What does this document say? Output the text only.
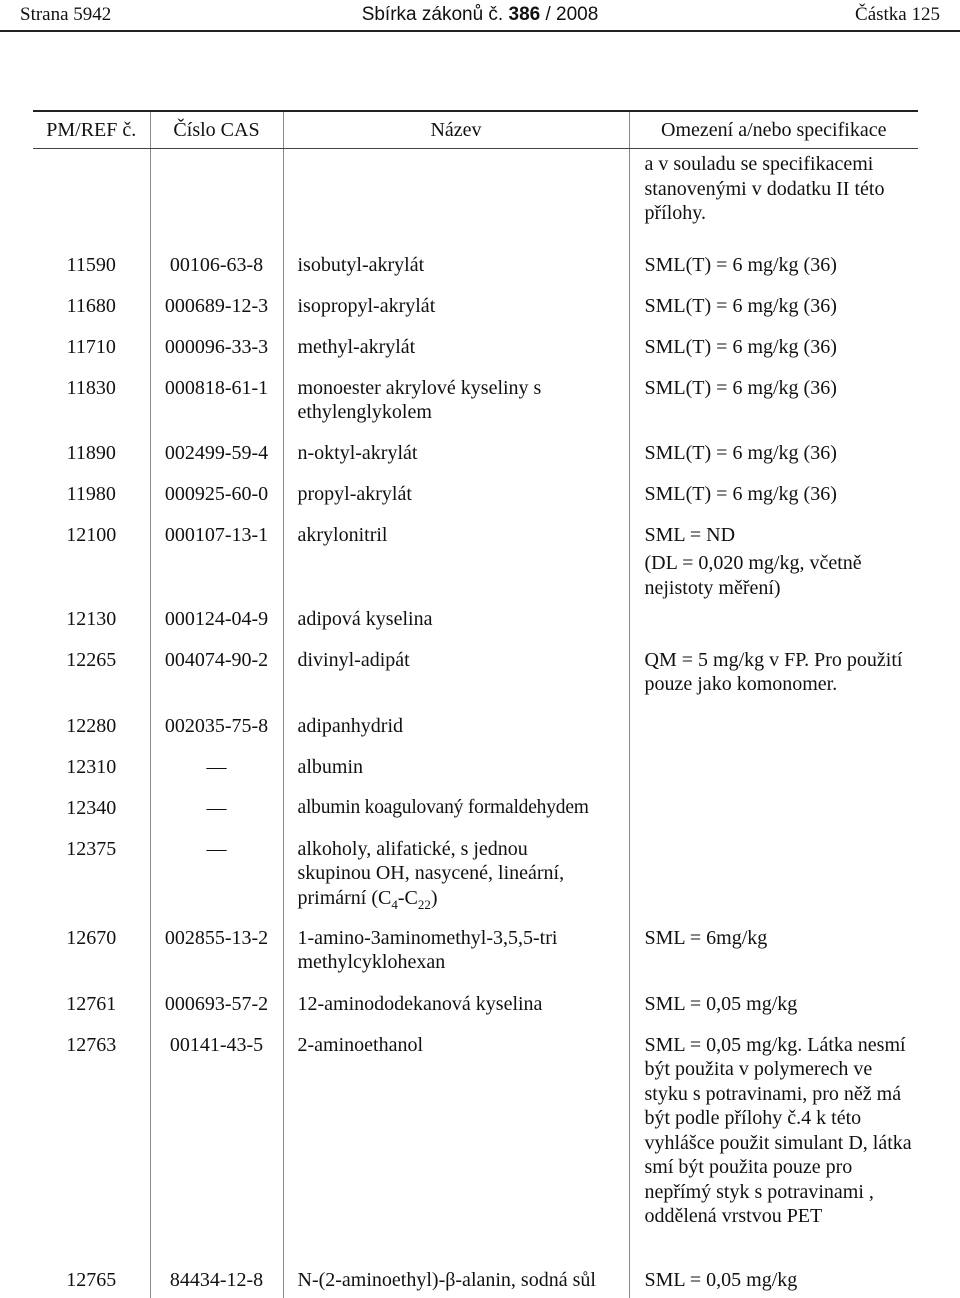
Strana 5942	Sbírka zákonů č. 386 / 2008	Částka 125
PM/REF č.	Číslo CAS	Název	Omezení a/nebo specifikace
			a v souladu se specifikacemi stanovenými v dodatku II této přílohy.
11590	00106-63-8	isobutyl-akrylát	SML(T) = 6 mg/kg (36)
11680	000689-12-3	isopropyl-akrylát	SML(T) = 6 mg/kg (36)
11710	000096-33-3	methyl-akrylát	SML(T) = 6 mg/kg (36)
11830	000818-61-1	monoester akrylové kyseliny s ethylenglykolem	SML(T) = 6 mg/kg (36)
11890	002499-59-4	n-oktyl-akrylát	SML(T) = 6 mg/kg (36)
11980	000925-60-0	propyl-akrylát	SML(T) = 6 mg/kg (36)
12100	000107-13-1	akrylonitril	SML = ND
(DL = 0,020 mg/kg, včetně nejistoty měření)

12130	000124-04-9	adipová kyselina	
12265	004074-90-2	divinyl-adipát	QM = 5 mg/kg v FP. Pro použití pouze jako komonomer.
12280	002035-75-8	adipanhydrid	
12310	—	albumin	
12340	—	albumin koagulovaný formaldehydem	
12375	—	alkoholy, alifatické, s jednou skupinou OH, nasycené, lineární, primární $(C_4-C_{22})$	
12670	002855-13-2	1-amino-3aminomethyl-3,5,5-trimethylcyklohexan	SML = 6mg/kg
12761	000693-57-2	12-aminododekanová kyselina	SML = 0,05 mg/kg
12763	00141-43-5	2-aminoethanol	SML = 0,05 mg/kg. Látka nesmí být použita v polymerech ve styku s potravinami, pro něž má být podle přílohy č.4 k této vyhlášce použit simulant D, látka smí být použita pouze pro nepřímý styk s potravinami , oddělená vrstvou PET
12765	84434-12-8	N-(2-aminoethyl)-β-alanin, sodná sůl	SML = 0,05 mg/kg
